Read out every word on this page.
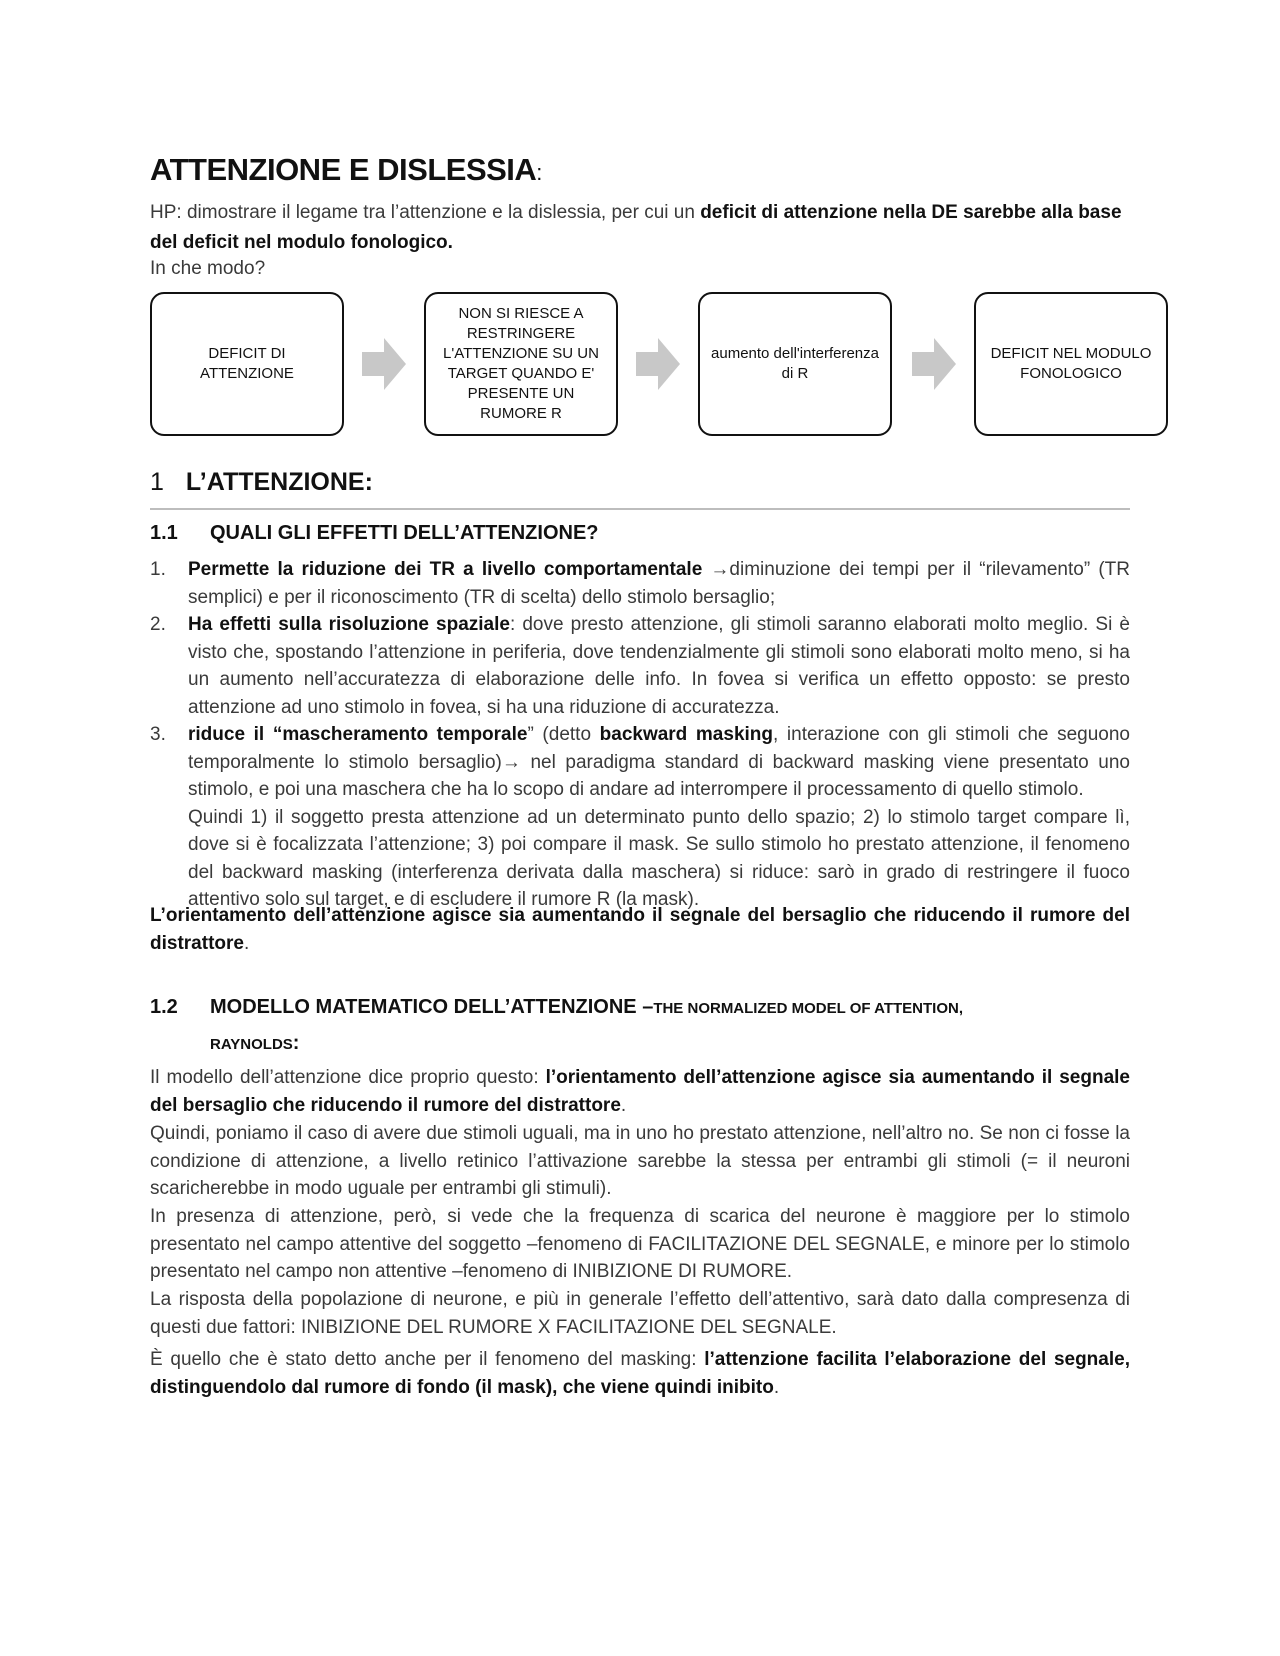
ATTENZIONE E DISLESSIA:

HP: dimostrare il legame tra l’attenzione e la dislessia, per cui un deficit di attenzione nella DE sarebbe alla base del deficit nel modulo fonologico.

In che modo?

DEFICIT DI ATTENZIONE
NON SI RIESCE A RESTRINGERE L'ATTENZIONE SU UN TARGET QUANDO E' PRESENTE UN RUMORE R
aumento dell'interferenza di R
DEFICIT NEL MODULO FONOLOGICO
1 L’ATTENZIONE:
1.1 QUALI GLI EFFETTI DELL’ATTENZIONE?
1. Permette la riduzione dei TR a livello comportamentale →diminuzione dei tempi per il “rilevamento” (TR semplici) e per il riconoscimento (TR di scelta) dello stimolo bersaglio;
2. Ha effetti sulla risoluzione spaziale: dove presto attenzione, gli stimoli saranno elaborati molto meglio. Si è visto che, spostando l’attenzione in periferia, dove tendenzialmente gli stimoli sono elaborati molto meno, si ha un aumento nell’accuratezza di elaborazione delle info. In fovea si verifica un effetto opposto: se presto attenzione ad uno stimolo in fovea, si ha una riduzione di accuratezza.
3. riduce il “mascheramento temporale” (detto backward masking, interazione con gli stimoli che seguono temporalmente lo stimolo bersaglio)→ nel paradigma standard di backward masking viene presentato uno stimolo, e poi una maschera che ha lo scopo di andare ad interrompere il processamento di quello stimolo.

Quindi 1) il soggetto presta attenzione ad un determinato punto dello spazio; 2) lo stimolo target compare lì, dove si è focalizzata l’attenzione; 3) poi compare il mask. Se sullo stimolo ho prestato attenzione, il fenomeno del backward masking (interferenza derivata dalla maschera) si riduce: sarò in grado di restringere il fuoco attentivo solo sul target, e di escludere il rumore R (la mask).

L’orientamento dell’attenzione agisce sia aumentando il segnale del bersaglio che riducendo il rumore del distrattore.

1.2 MODELLO MATEMATICO DELL’ATTENZIONE –THE NORMALIZED MODEL OF ATTENTION,
RAYNOLDS:

Il modello dell’attenzione dice proprio questo: l’orientamento dell’attenzione agisce sia aumentando il segnale del bersaglio che riducendo il rumore del distrattore.

Quindi, poniamo il caso di avere due stimoli uguali, ma in uno ho prestato attenzione, nell’altro no. Se non ci fosse la condizione di attenzione, a livello retinico l’attivazione sarebbe la stessa per entrambi gli stimoli (= il neuroni scaricherebbe in modo uguale per entrambi gli stimuli).

In presenza di attenzione, però, si vede che la frequenza di scarica del neurone è maggiore per lo stimolo presentato nel campo attentive del soggetto –fenomeno di FACILITAZIONE DEL SEGNALE, e minore per lo stimolo presentato nel campo non attentive –fenomeno di INIBIZIONE DI RUMORE.

La risposta della popolazione di neurone, e più in generale l’effetto dell’attentivo, sarà dato dalla compresenza di questi due fattori: INIBIZIONE DEL RUMORE X FACILITAZIONE DEL SEGNALE.

È quello che è stato detto anche per il fenomeno del masking: l’attenzione facilita l’elaborazione del segnale, distinguendolo dal rumore di fondo (il mask), che viene quindi inibito.
